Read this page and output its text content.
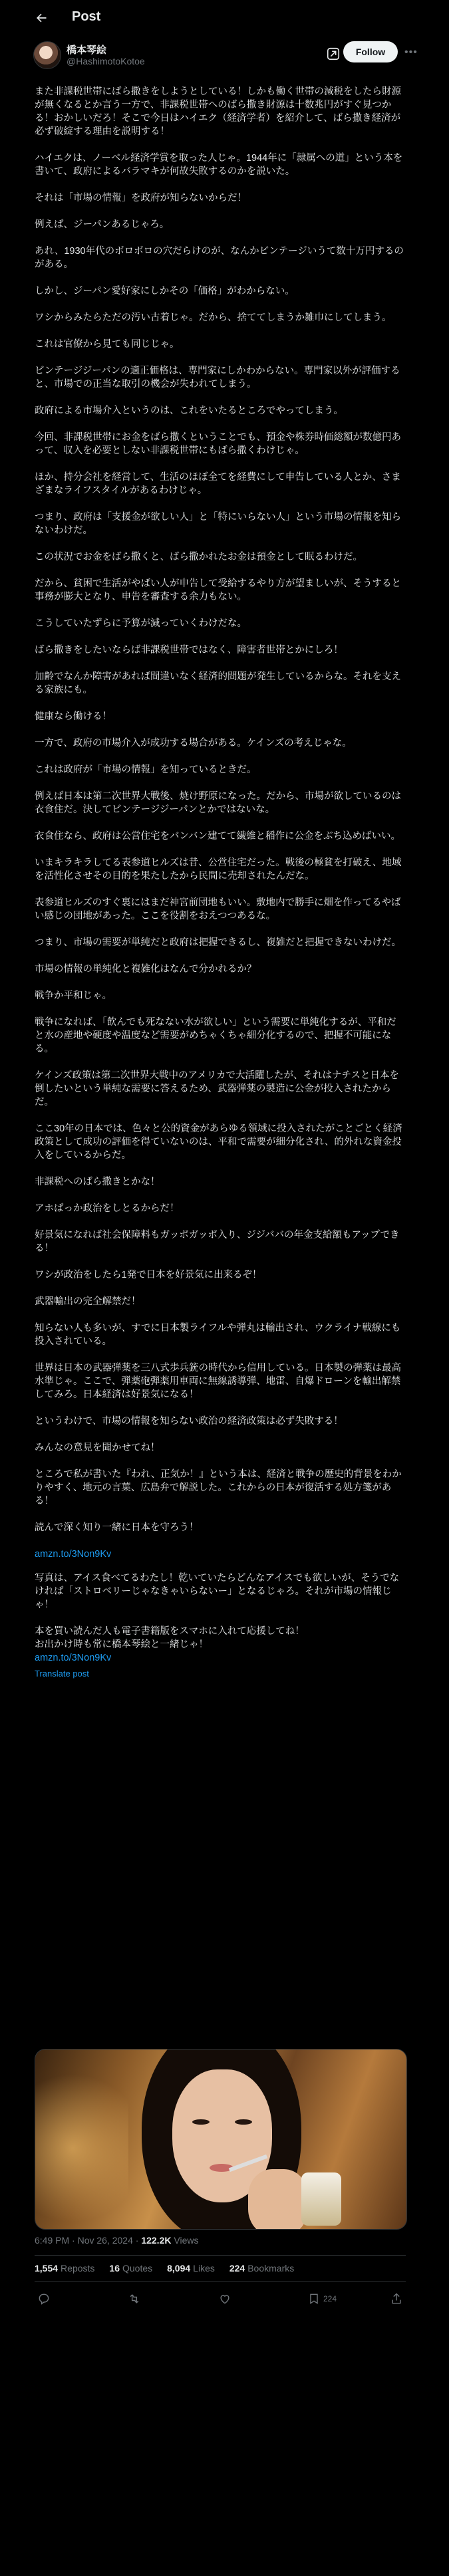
Post
橋本琴絵
@HashimotoKotoe
Follow	•••

また非課税世帯にばら撒きをしようとしている！しかも働く世帯の減税をしたら財源が無くなるとか言う一方で、非課税世帯へのばら撒き財源は十数兆円がすぐ見つかる！おかしいだろ！そこで今日はハイエク（経済学者）を紹介して、ばら撒き経済が必ず破綻する理由を説明する！

ハイエクは、ノーベル経済学賞を取った人じゃ。1944年に「隷属への道」という本を書いて、政府によるバラマキが何故失敗するのかを説いた。

それは「市場の情報」を政府が知らないからだ！

例えば、ジーパンあるじゃろ。

あれ、1930年代のボロボロの穴だらけのが、なんかビンテージいうて数十万円するのがある。

しかし、ジーパン愛好家にしかその「価格」がわからない。

ワシからみたらただの汚い古着じゃ。だから、捨ててしまうか雑巾にしてしまう。

これは官僚から見ても同じじゃ。

ビンテージジーパンの適正価格は、専門家にしかわからない。専門家以外が評価すると、市場での正当な取引の機会が失われてしまう。

政府による市場介入というのは、これをいたるところでやってしまう。

今回、非課税世帯にお金をばら撒くということでも、預金や株券時価総額が数億円あって、収入を必要としない非課税世帯にもばら撒くわけじゃ。

ほか、持分会社を経営して、生活のほぼ全てを経費にして申告している人とか、さまざまなライフスタイルがあるわけじゃ。

つまり、政府は「支援金が欲しい人」と「特にいらない人」という市場の情報を知らないわけだ。

この状況でお金をばら撒くと、ばら撒かれたお金は預金として眠るわけだ。

だから、貧困で生活がやばい人が申告して受給するやり方が望ましいが、そうすると事務が膨大となり、申告を審査する余力もない。

こうしていたずらに予算が減っていくわけだな。

ばら撒きをしたいならば非課税世帯ではなく、障害者世帯とかにしろ！

加齢でなんか障害があれば間違いなく経済的問題が発生しているからな。それを支える家族にも。

健康なら働ける！

一方で、政府の市場介入が成功する場合がある。ケインズの考えじゃな。

これは政府が「市場の情報」を知っているときだ。

例えば日本は第二次世界大戦後、焼け野原になった。だから、市場が欲しているのは衣食住だ。決してビンテージジーパンとかではないな。

衣食住なら、政府は公営住宅をバンバン建てて繊維と稲作に公金をぶち込めばいい。

いまキラキラしてる表参道ヒルズは昔、公営住宅だった。戦後の極貧を打破え、地域を活性化させその目的を果たしたから民間に売却されたんだな。

表参道ヒルズのすぐ裏にはまだ神宮前団地もいい。敷地内で勝手に畑を作ってるやばい感じの団地があった。ここを役割をおえつつあるな。

つまり、市場の需要が単純だと政府は把握できるし、複雑だと把握できないわけだ。

市場の情報の単純化と複雑化はなんで分かれるか？

戦争か平和じゃ。

戦争になれば、「飲んでも死なない水が欲しい」という需要に単純化するが、平和だと水の産地や硬度や温度など需要がめちゃくちゃ細分化するので、把握不可能になる。

ケインズ政策は第二次世界大戦中のアメリカで大活躍したが、それはナチスと日本を倒したいという単純な需要に答えるため、武器弾薬の製造に公金が投入されたからだ。

ここ30年の日本では、色々と公的資金があらゆる領域に投入されたがことごとく経済政策として成功の評価を得ていないのは、平和で需要が細分化され、的外れな資金投入をしているからだ。

非課税へのばら撒きとかな！

アホばっか政治をしとるからだ！

好景気になれば社会保障料もガッポガッポ入り、ジジババの年金支給額もアップできる！

ワシが政治をしたら1発で日本を好景気に出来るぞ！

武器輸出の完全解禁だ！

知らない人も多いが、すでに日本製ライフルや弾丸は輸出され、ウクライナ戦線にも投入されている。

世界は日本の武器弾薬を三八式歩兵銃の時代から信用している。日本製の弾薬は最高水準じゃ。ここで、弾薬砲弾薬用車両に無線誘導弾、地雷、自爆ドローンを輸出解禁してみろ。日本経済は好景気になる！

というわけで、市場の情報を知らない政治の経済政策は必ず失敗する！

みんなの意見を聞かせてね！

ところで私が書いた『われ、正気か！』という本は、経済と戦争の歴史的背景をわかりやすく、地元の言葉、広島弁で解説した。これからの日本が復活する処方箋がある！

読んで深く知り一緒に日本を守ろう！

amzn.to/3Non9Kv

写真は、アイス食べてるわたし！乾いていたらどんなアイスでも欲しいが、そうでなければ「ストロベリーじゃなきゃいらないー」となるじゃろ。それが市場の情報じゃ！

本を買い読んだ人も電子書籍版をスマホに入れて応援してね！
お出かけ時も常に橋本琴絵と一緒じゃ！

amzn.to/3Non9Kv
Translate post
6:49 PM · Nov 26, 2024 · 122.2K Views
1,554 Reposts 16 Quotes 8,094 Likes 224 Bookmarks
224
